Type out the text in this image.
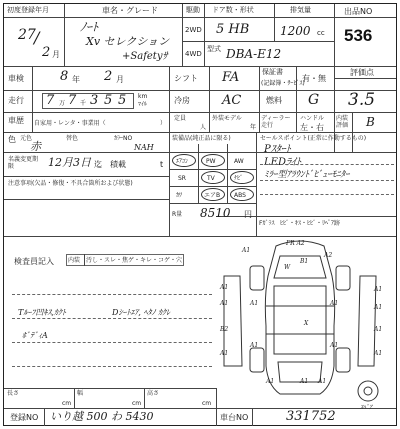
初度登録年月
27
/
2 月
車名・グレード
ﾉｰﾄ
Xv セレクション
+Safetyｻ
駆動
2WD
4WD
ドア数・形状
5 HB
型式 DBA-E12
排気量
1200 cc
出品NO
536
車検	8 年 2 月	シフト FA	保証書
(記録簿・ｻｰﾋﾞｽ)
有・無
評価点
走行 7 万 7 千 3 5 5 km
ﾏｲﾙ	冷房 AC	燃料 G 3.5
車歴 自家用・レンタ・事業用（	）
定員
人
外装モデル
年
ディーラー走行
ハンドル
左・右
内装評価 B
色 元色
赤
替色	ｶﾗｰNO
NAH
装備品(純正品に限る)
ｴｱｺﾝ	PW	AW
SR	TV	ﾅﾋﾞ
ｶﾜ	エアB ABS
R量 8510 円
セールスポイント(正常に作動するもの)
Pｽﾀｰﾄ
LEDﾗｲﾄ
ﾐﾗｰ型ｱﾗｳﾝﾄﾞﾋﾞｭｰﾓﾆﾀｰ
名義変更期限	12月3日 迄 積載	t
注意事項(欠品・修復・不具合箇所および状態)
Fｶﾞﾗｽ ﾋﾋﾞ・ｷｽ・ﾋﾋﾞ・ﾘﾍﾟｱ跡
検査員記入 内装 汚し・スレ・焦ゲ・キレ・コゲ・穴
Tﾙｰﾌ凹ｷｽ,ｶｸﾄ	Dｼｰﾄｴｱ, ﾍﾀﾉ ｶｸﾚ
ﾎﾞﾃﾞｨA
A1
FR A2
A2
B1
W
A1
A1
A1
A1
B2	A1
X
A1	A1
A1	A1
A1	A1
A1	A1
ｽﾍﾟｱ
A1
長さ
cm
幅
cm
高さ
cm
登録NO いり越 500 わ 5430	車台NO	331752
